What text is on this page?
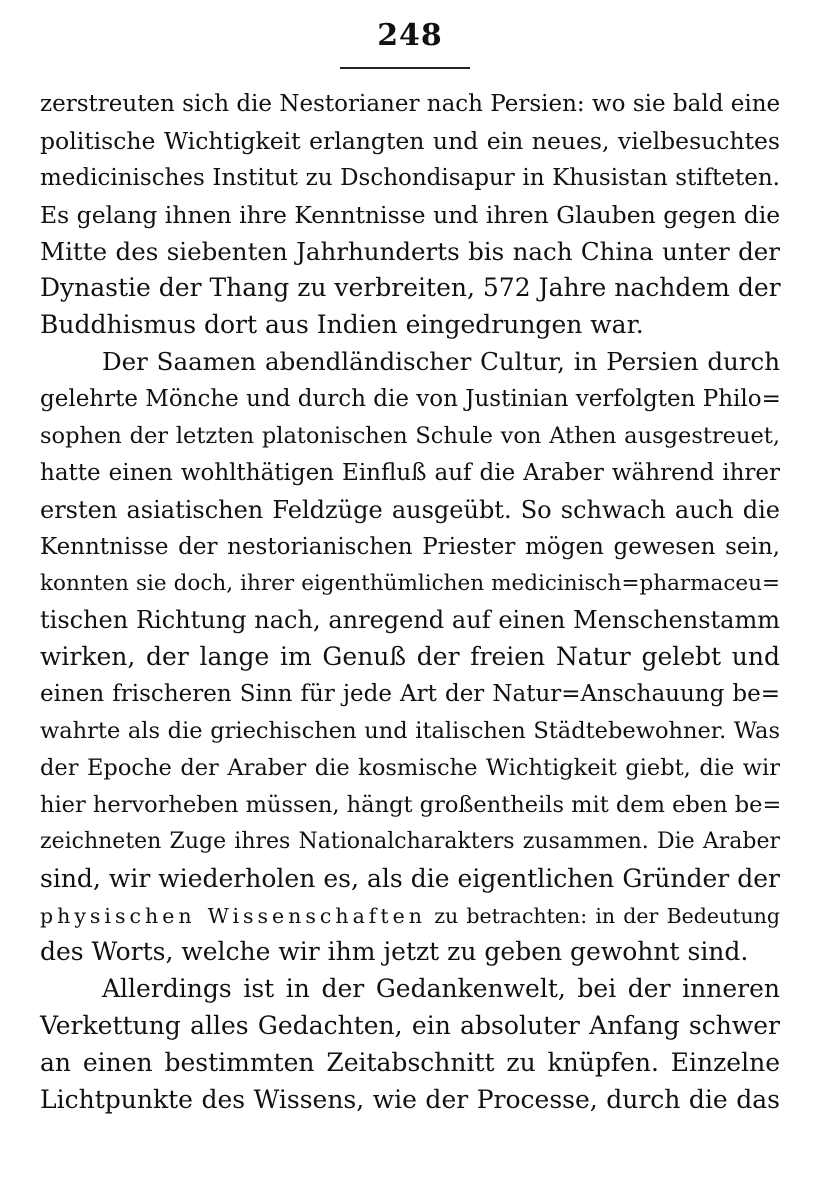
248

zerstreuten sich die Nestorianer nach Persien: wo sie bald eine
politische Wichtigkeit erlangten und ein neues, vielbesuchtes
medicinisches Institut zu Dschondisapur in Khusistan stifteten.
Es gelang ihnen ihre Kenntnisse und ihren Glauben gegen die
Mitte des siebenten Jahrhunderts bis nach China unter der
Dynastie der Thang zu verbreiten, 572 Jahre nachdem der
Buddhismus dort aus Indien eingedrungen war.

Der Saamen abendländischer Cultur, in Persien durch
gelehrte Mönche und durch die von Justinian verfolgten Philo=
sophen der letzten platonischen Schule von Athen ausgestreuet,
hatte einen wohlthätigen Einfluß auf die Araber während ihrer
ersten asiatischen Feldzüge ausgeübt. So schwach auch die
Kenntnisse der nestorianischen Priester mögen gewesen sein,
konnten sie doch, ihrer eigenthümlichen medicinisch=pharmaceu=
tischen Richtung nach, anregend auf einen Menschenstamm
wirken, der lange im Genuß der freien Natur gelebt und
einen frischeren Sinn für jede Art der Natur=Anschauung be=
wahrte als die griechischen und italischen Städtebewohner. Was
der Epoche der Araber die kosmische Wichtigkeit giebt, die wir
hier hervorheben müssen, hängt großentheils mit dem eben be=
zeichneten Zuge ihres Nationalcharakters zusammen. Die Araber
sind, wir wiederholen es, als die eigentlichen Gründer der
physischen Wissenschaften zu betrachten: in der Bedeutung
des Worts, welche wir ihm jetzt zu geben gewohnt sind.

Allerdings ist in der Gedankenwelt, bei der inneren
Verkettung alles Gedachten, ein absoluter Anfang schwer
an einen bestimmten Zeitabschnitt zu knüpfen. Einzelne
Lichtpunkte des Wissens, wie der Processe, durch die das
